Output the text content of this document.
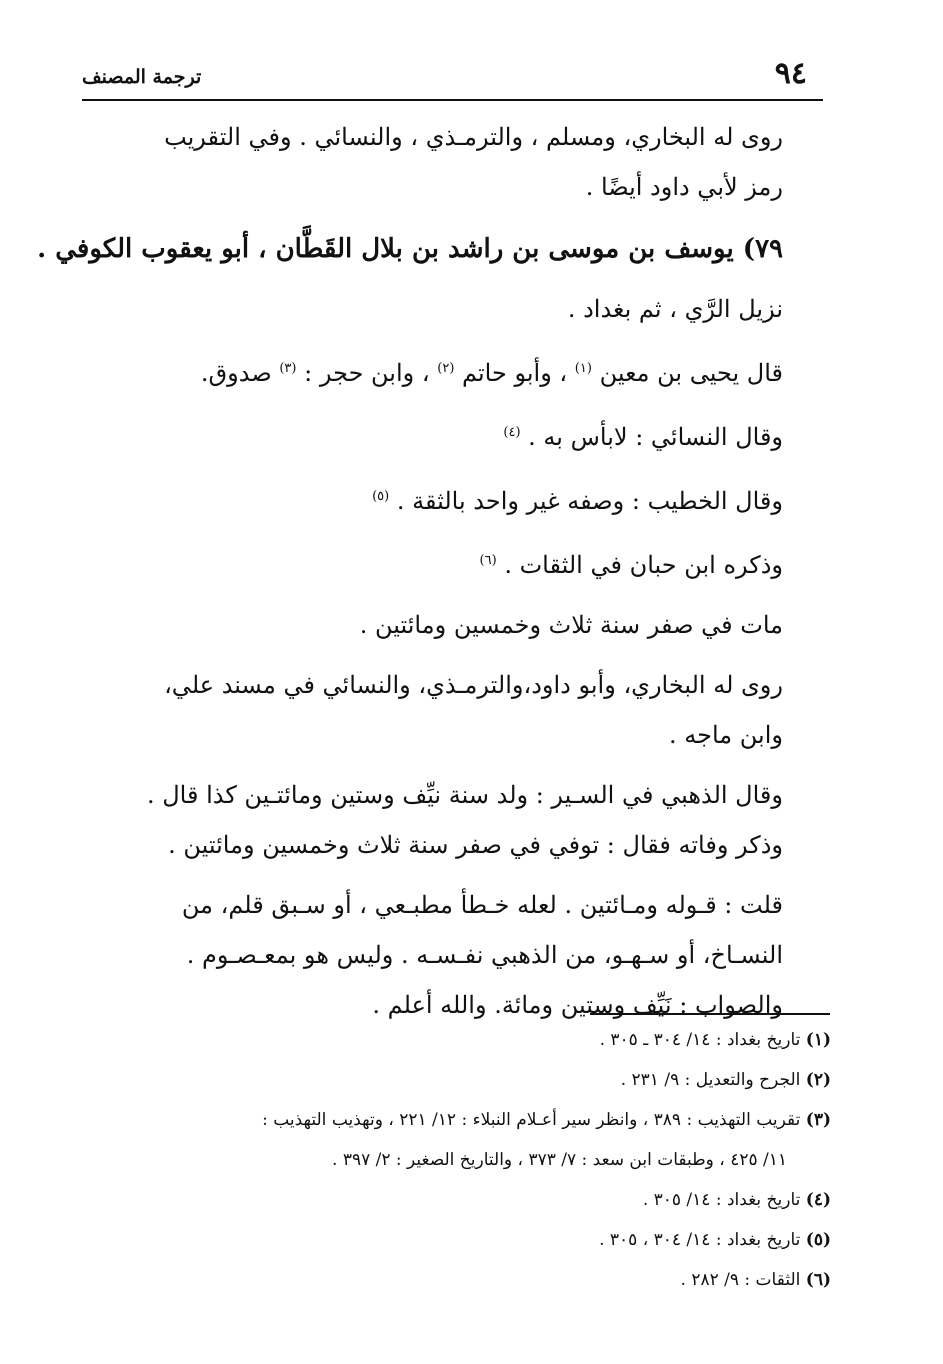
٩٤
ترجمة المصنف
روى له البخاري، ومسلم ، والترمـذي ، والنسائي . وفي التقريب
رمز لأبي داود أيضًا .
٧٩) يوسف بن موسى بن راشد بن بلال القَطَّان ، أبو يعقوب الكوفي .
نزيل الرَّي ، ثم بغداد .
قال يحيى بن معين $^{(١)}$ ، وأبو حاتم $^{(٢)}$ ، وابن حجر : $^{(٣)}$ صدوق.
وقال النسائي : لابأس به . $^{(٤)}$
وقال الخطيب : وصفه غير واحد بالثقة . $^{(٥)}$
وذكره ابن حبان في الثقات . $^{(٦)}$
مات في صفر سنة ثلاث وخمسين ومائتين .
روى له البخاري، وأبو داود،والترمـذي، والنسائي في مسند علي،
وابن ماجه .
وقال الذهبي في السـير : ولد سنة نيِّف وستين ومائتـين كذا قال .
وذكر وفاته فقال : توفي في صفر سنة ثلاث وخمسين ومائتين .
قلت : قـوله ومـائتين . لعله خـطأ مطبـعي ، أو سـبق قلم، من
النسـاخ، أو سـهـو، من الذهبي نفـسـه . وليس هو بمعـصـوم .
والصواب : نَيِّف وستين ومائة. والله أعلم .
(١) تاريخ بغداد : ١٤/ ٣٠٤ ـ ٣٠٥ .
(٢) الجرح والتعديل : ٩/ ٢٣١ .
(٣) تقريب التهذيب : ٣٨٩ ، وانظر سير أعـلام النبلاء : ١٢/ ٢٢١ ، وتهذيب التهذيب :
١١/ ٤٢٥ ، وطبقات ابن سعد : ٧/ ٣٧٣ ، والتاريخ الصغير : ٢/ ٣٩٧ .
(٤) تاريخ بغداد : ١٤/ ٣٠٥ .
(٥) تاريخ بغداد : ١٤/ ٣٠٤ ، ٣٠٥ .
(٦) الثقات : ٩/ ٢٨٢ .
